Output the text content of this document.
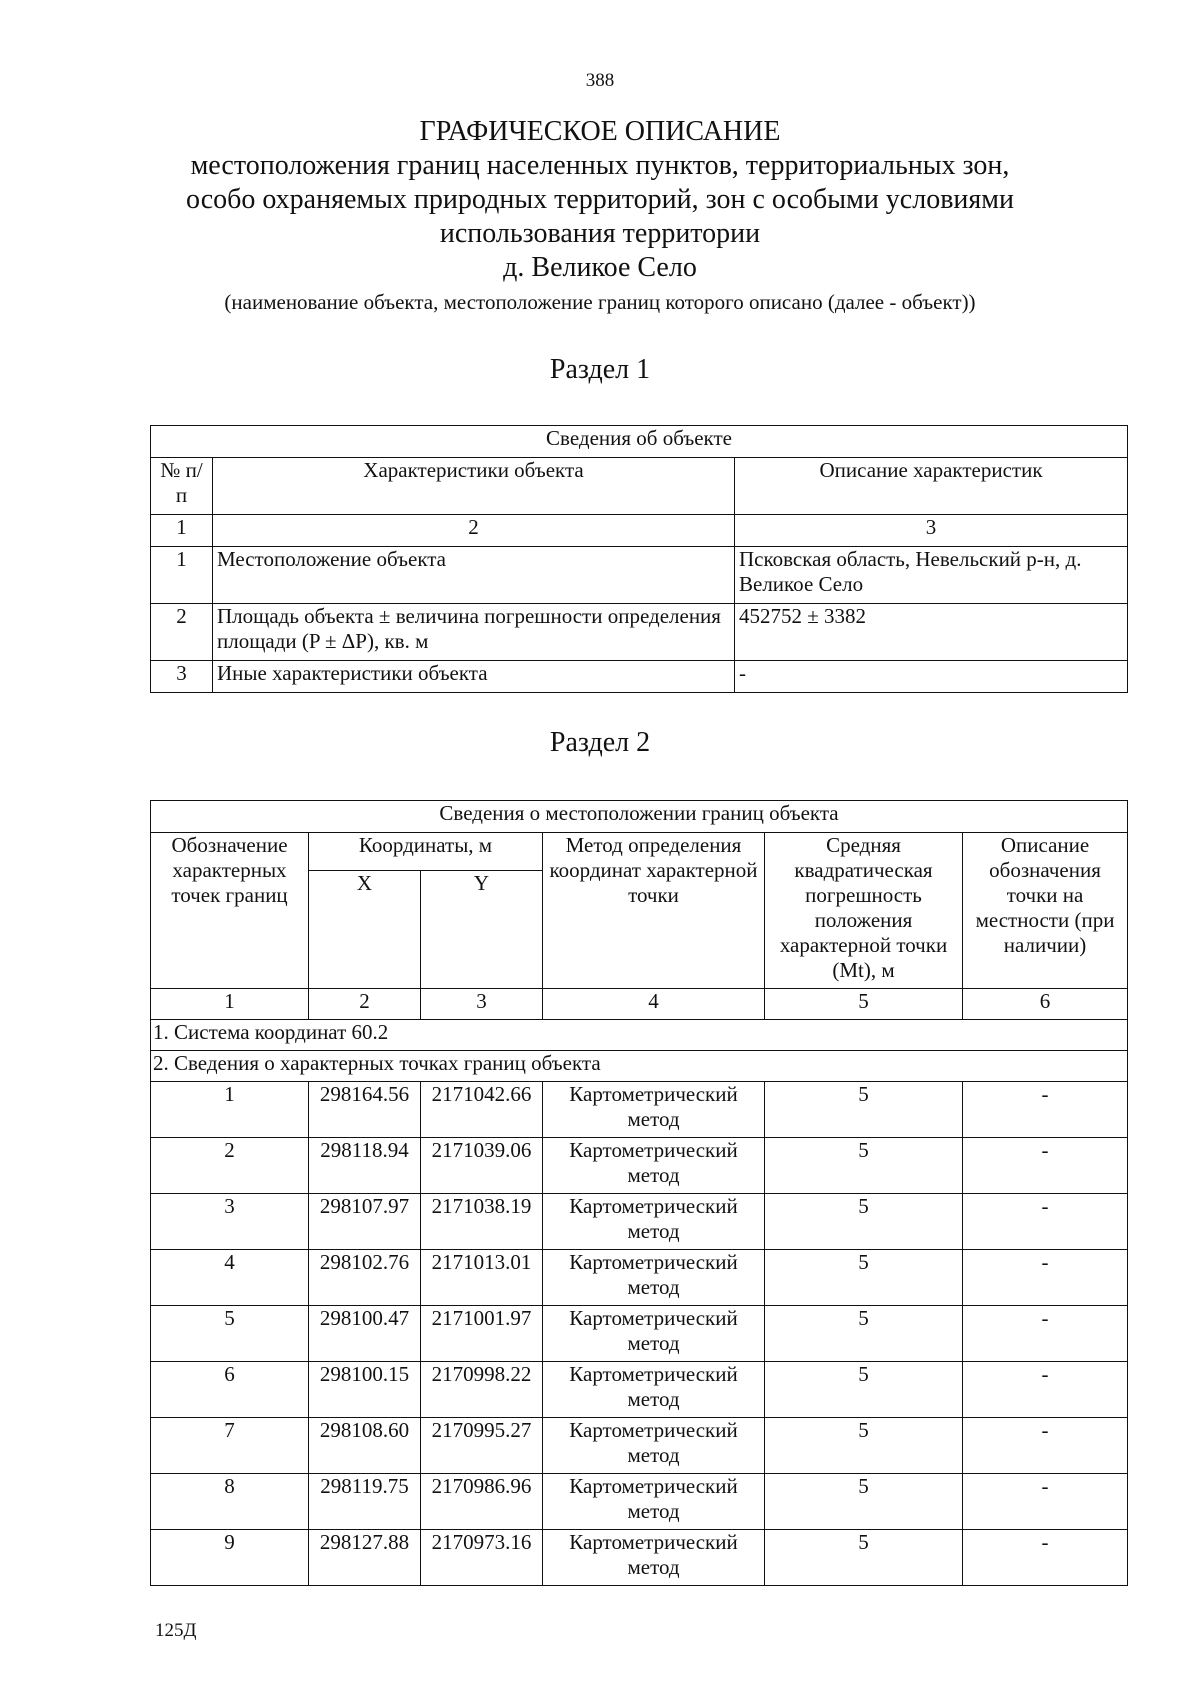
388
ГРАФИЧЕСКОЕ ОПИСАНИЕ
местоположения границ населенных пунктов, территориальных зон,
особо охраняемых природных территорий, зон с особыми условиями
использования территории
д. Великое Село
(наименование объекта, местоположение границ которого описано (далее - объект))
Раздел 1
Сведения об объекте		
№ п/п	Характеристики объекта	Описание характеристик
1	2	3
1	Местоположение объекта	Псковская область, Невельский р-н, д. Великое Село
2	Площадь объекта ± величина погрешности определения площади (P ± ΔP), кв. м	452752 ± 3382
3	Иные характеристики объекта	-
Раздел 2
Сведения о местоположении границ объекта					
Обозначение характерных точек границ	Координаты, м		Метод определения координат характерной точки	Средняя квадратическая погрешность положения характерной точки (Mt), м	Описание обозначения точки на местности (при наличии)
	X	Y			
1	2	3	4	5	6
1. Система координат 60.2					
2. Сведения о характерных точках границ объекта					
1	298164.56	2171042.66	Картометрический метод	5	-
2	298118.94	2171039.06	Картометрический метод	5	-
3	298107.97	2171038.19	Картометрический метод	5	-
4	298102.76	2171013.01	Картометрический метод	5	-
5	298100.47	2171001.97	Картометрический метод	5	-
6	298100.15	2170998.22	Картометрический метод	5	-
7	298108.60	2170995.27	Картометрический метод	5	-
8	298119.75	2170986.96	Картометрический метод	5	-
9	298127.88	2170973.16	Картометрический метод	5	-
125Д
